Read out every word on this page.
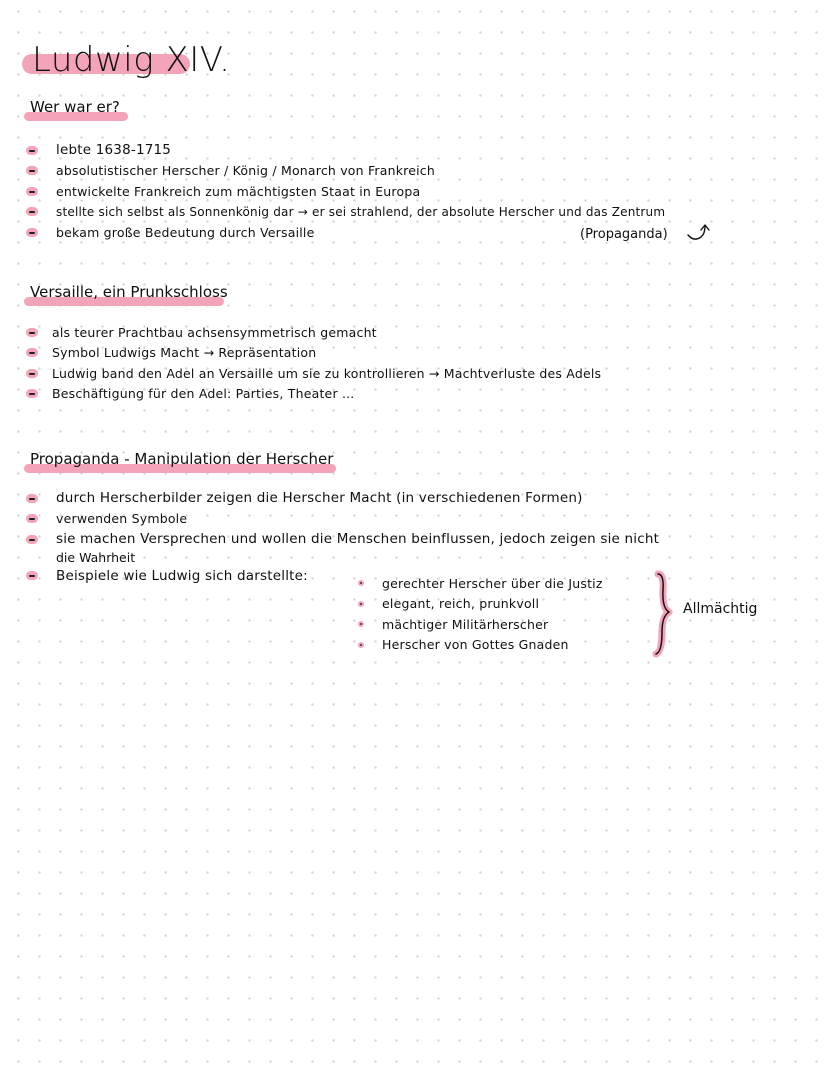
Ludwig XIV.
Wer war er?
lebte 1638-1715
absolutistischer Herscher / König / Monarch von Frankreich
entwickelte Frankreich zum mächtigsten Staat in Europa
stellte sich selbst als Sonnenkönig dar → er sei strahlend, der absolute Herscher und das Zentrum
bekam große Bedeutung durch Versaille	(Propaganda)
Versaille, ein Prunkschloss
als teurer Prachtbau achsensymmetrisch gemacht
Symbol Ludwigs Macht → Repräsentation
Ludwig band den Adel an Versaille um sie zu kontrollieren → Machtverluste des Adels
Beschäftigung für den Adel: Parties, Theater ...
Propaganda - Manipulation der Herscher
durch Herscherbilder zeigen die Herscher Macht (in verschiedenen Formen)
verwenden Symbole
sie machen Versprechen und wollen die Menschen beinflussen, jedoch zeigen sie nicht
die Wahrheit
Beispiele wie Ludwig sich darstellte:	gerechter Herscher über die Justiz
elegant, reich, prunkvoll
mächtiger Militärherscher
Herscher von Gottes Gnaden
Allmächtig
